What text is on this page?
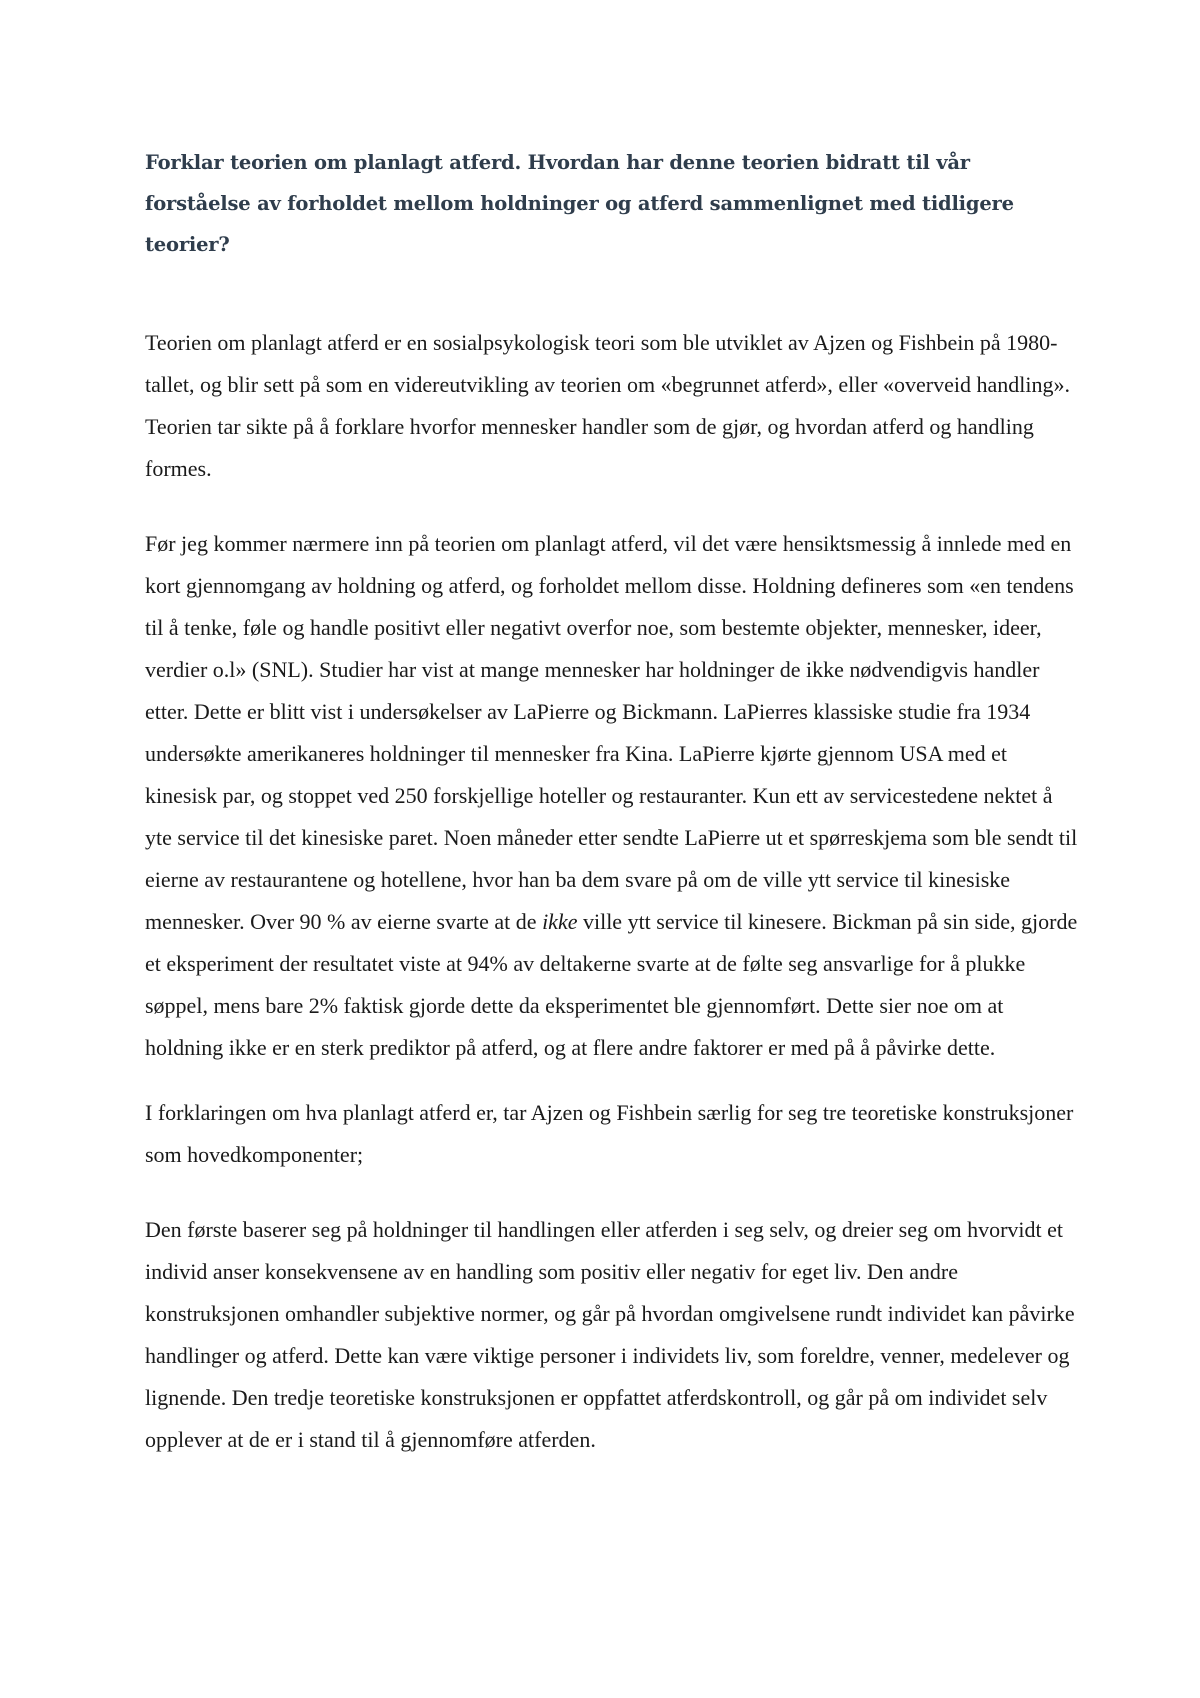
Forklar teorien om planlagt atferd. Hvordan har denne teorien bidratt til vår forståelse av forholdet mellom holdninger og atferd sammenlignet med tidligere teorier?

Teorien om planlagt atferd er en sosialpsykologisk teori som ble utviklet av Ajzen og Fishbein på 1980-tallet, og blir sett på som en videreutvikling av teorien om «begrunnet atferd», eller «overveid handling». Teorien tar sikte på å forklare hvorfor mennesker handler som de gjør, og hvordan atferd og handling formes.

Før jeg kommer nærmere inn på teorien om planlagt atferd, vil det være hensiktsmessig å innlede med en kort gjennomgang av holdning og atferd, og forholdet mellom disse. Holdning defineres som «en tendens til å tenke, føle og handle positivt eller negativt overfor noe, som bestemte objekter, mennesker, ideer, verdier o.l» (SNL). Studier har vist at mange mennesker har holdninger de ikke nødvendigvis handler etter. Dette er blitt vist i undersøkelser av LaPierre og Bickmann. LaPierres klassiske studie fra 1934 undersøkte amerikaneres holdninger til mennesker fra Kina. LaPierre kjørte gjennom USA med et kinesisk par, og stoppet ved 250 forskjellige hoteller og restauranter. Kun ett av servicestedene nektet å yte service til det kinesiske paret. Noen måneder etter sendte LaPierre ut et spørreskjema som ble sendt til eierne av restaurantene og hotellene, hvor han ba dem svare på om de ville ytt service til kinesiske mennesker. Over 90 % av eierne svarte at de ikke ville ytt service til kinesere. Bickman på sin side, gjorde et eksperiment der resultatet viste at 94% av deltakerne svarte at de følte seg ansvarlige for å plukke søppel, mens bare 2% faktisk gjorde dette da eksperimentet ble gjennomført. Dette sier noe om at holdning ikke er en sterk prediktor på atferd, og at flere andre faktorer er med på å påvirke dette.

I forklaringen om hva planlagt atferd er, tar Ajzen og Fishbein særlig for seg tre teoretiske konstruksjoner som hovedkomponenter;

Den første baserer seg på holdninger til handlingen eller atferden i seg selv, og dreier seg om hvorvidt et individ anser konsekvensene av en handling som positiv eller negativ for eget liv. Den andre konstruksjonen omhandler subjektive normer, og går på hvordan omgivelsene rundt individet kan påvirke handlinger og atferd. Dette kan være viktige personer i individets liv, som foreldre, venner, medelever og lignende. Den tredje teoretiske konstruksjonen er oppfattet atferdskontroll, og går på om individet selv opplever at de er i stand til å gjennomføre atferden.
